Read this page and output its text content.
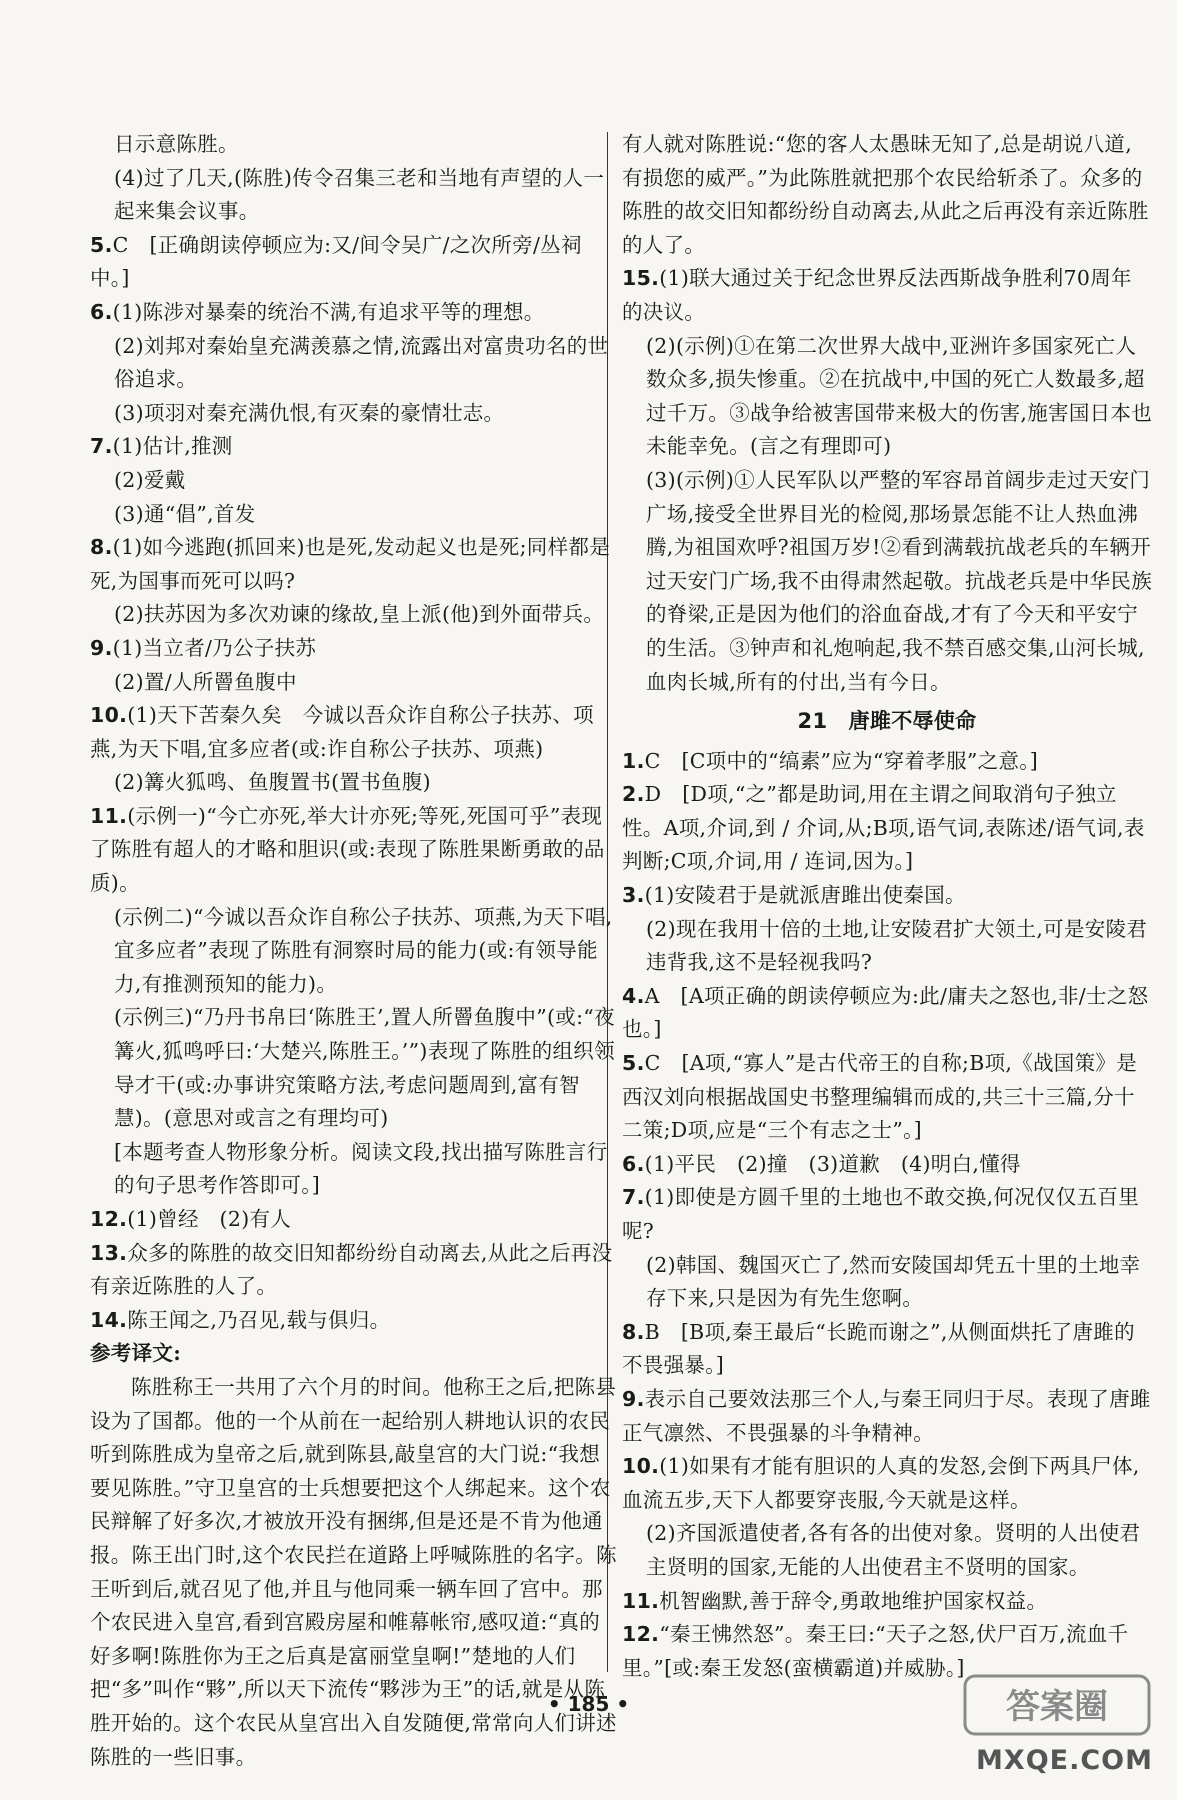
日示意陈胜。

(4)过了几天,(陈胜)传令召集三老和当地有声望的人一起来集会议事。

5.C　[正确朗读停顿应为:又/间令吴广/之次所旁/丛祠中。]

6.(1)陈涉对暴秦的统治不满,有追求平等的理想。

(2)刘邦对秦始皇充满羡慕之情,流露出对富贵功名的世俗追求。

(3)项羽对秦充满仇恨,有灭秦的豪情壮志。

7.(1)估计,推测

(2)爱戴

(3)通“倡”,首发

8.(1)如今逃跑(抓回来)也是死,发动起义也是死;同样都是死,为国事而死可以吗?

(2)扶苏因为多次劝谏的缘故,皇上派(他)到外面带兵。

9.(1)当立者/乃公子扶苏

(2)置/人所罾鱼腹中

10.(1)天下苦秦久矣　今诚以吾众诈自称公子扶苏、项燕,为天下唱,宜多应者(或:诈自称公子扶苏、项燕)

(2)篝火狐鸣、鱼腹置书(置书鱼腹)

11.(示例一)“今亡亦死,举大计亦死;等死,死国可乎”表现了陈胜有超人的才略和胆识(或:表现了陈胜果断勇敢的品质)。

(示例二)“今诚以吾众诈自称公子扶苏、项燕,为天下唱,宜多应者”表现了陈胜有洞察时局的能力(或:有领导能力,有推测预知的能力)。

(示例三)“乃丹书帛曰‘陈胜王’,置人所罾鱼腹中”(或:“夜篝火,狐鸣呼曰:‘大楚兴,陈胜王。’”)表现了陈胜的组织领导才干(或:办事讲究策略方法,考虑问题周到,富有智慧)。(意思对或言之有理均可)

[本题考查人物形象分析。阅读文段,找出描写陈胜言行的句子思考作答即可。]

12.(1)曾经　(2)有人

13.众多的陈胜的故交旧知都纷纷自动离去,从此之后再没有亲近陈胜的人了。

14.陈王闻之,乃召见,载与俱归。

参考译文:

陈胜称王一共用了六个月的时间。他称王之后,把陈县设为了国都。他的一个从前在一起给别人耕地认识的农民听到陈胜成为皇帝之后,就到陈县,敲皇宫的大门说:“我想要见陈胜。”守卫皇宫的士兵想要把这个人绑起来。这个农民辩解了好多次,才被放开没有捆绑,但是还是不肯为他通报。陈王出门时,这个农民拦在道路上呼喊陈胜的名字。陈王听到后,就召见了他,并且与他同乘一辆车回了宫中。那个农民进入皇宫,看到宫殿房屋和帷幕帐帘,感叹道:“真的好多啊!陈胜你为王之后真是富丽堂皇啊!”楚地的人们把“多”叫作“夥”,所以天下流传“夥涉为王”的话,就是从陈胜开始的。这个农民从皇宫出入自发随便,常常向人们讲述陈胜的一些旧事。

有人就对陈胜说:“您的客人太愚昧无知了,总是胡说八道,有损您的威严。”为此陈胜就把那个农民给斩杀了。众多的陈胜的故交旧知都纷纷自动离去,从此之后再没有亲近陈胜的人了。

15.(1)联大通过关于纪念世界反法西斯战争胜利70周年的决议。

(2)(示例)①在第二次世界大战中,亚洲许多国家死亡人数众多,损失惨重。②在抗战中,中国的死亡人数最多,超过千万。③战争给被害国带来极大的伤害,施害国日本也未能幸免。(言之有理即可)

(3)(示例)①人民军队以严整的军容昂首阔步走过天安门广场,接受全世界目光的检阅,那场景怎能不让人热血沸腾,为祖国欢呼?祖国万岁!②看到满载抗战老兵的车辆开过天安门广场,我不由得肃然起敬。抗战老兵是中华民族的脊梁,正是因为他们的浴血奋战,才有了今天和平安宁的生活。③钟声和礼炮响起,我不禁百感交集,山河长城,血肉长城,所有的付出,当有今日。

21　唐雎不辱使命

1.C　[C项中的“缟素”应为“穿着孝服”之意。]

2.D　[D项,“之”都是助词,用在主谓之间取消句子独立性。A项,介词,到 / 介词,从;B项,语气词,表陈述/语气词,表判断;C项,介词,用 / 连词,因为。]

3.(1)安陵君于是就派唐雎出使秦国。

(2)现在我用十倍的土地,让安陵君扩大领土,可是安陵君违背我,这不是轻视我吗?

4.A　[A项正确的朗读停顿应为:此/庸夫之怒也,非/士之怒也。]

5.C　[A项,“寡人”是古代帝王的自称;B项,《战国策》是西汉刘向根据战国史书整理编辑而成的,共三十三篇,分十二策;D项,应是“三个有志之士”。]

6.(1)平民　(2)撞　(3)道歉　(4)明白,懂得

7.(1)即使是方圆千里的土地也不敢交换,何况仅仅五百里呢?

(2)韩国、魏国灭亡了,然而安陵国却凭五十里的土地幸存下来,只是因为有先生您啊。

8.B　[B项,秦王最后“长跪而谢之”,从侧面烘托了唐雎的不畏强暴。]

9.表示自己要效法那三个人,与秦王同归于尽。表现了唐雎正气凛然、不畏强暴的斗争精神。

10.(1)如果有才能有胆识的人真的发怒,会倒下两具尸体,血流五步,天下人都要穿丧服,今天就是这样。

(2)齐国派遣使者,各有各的出使对象。贤明的人出使君主贤明的国家,无能的人出使君主不贤明的国家。

11.机智幽默,善于辞令,勇敢地维护国家权益。

12.“秦王怫然怒”。秦王曰:“天子之怒,伏尸百万,流血千里。”[或:秦王发怒(蛮横霸道)并威胁。]

• 185 •	答案圈
MXQE.COM
